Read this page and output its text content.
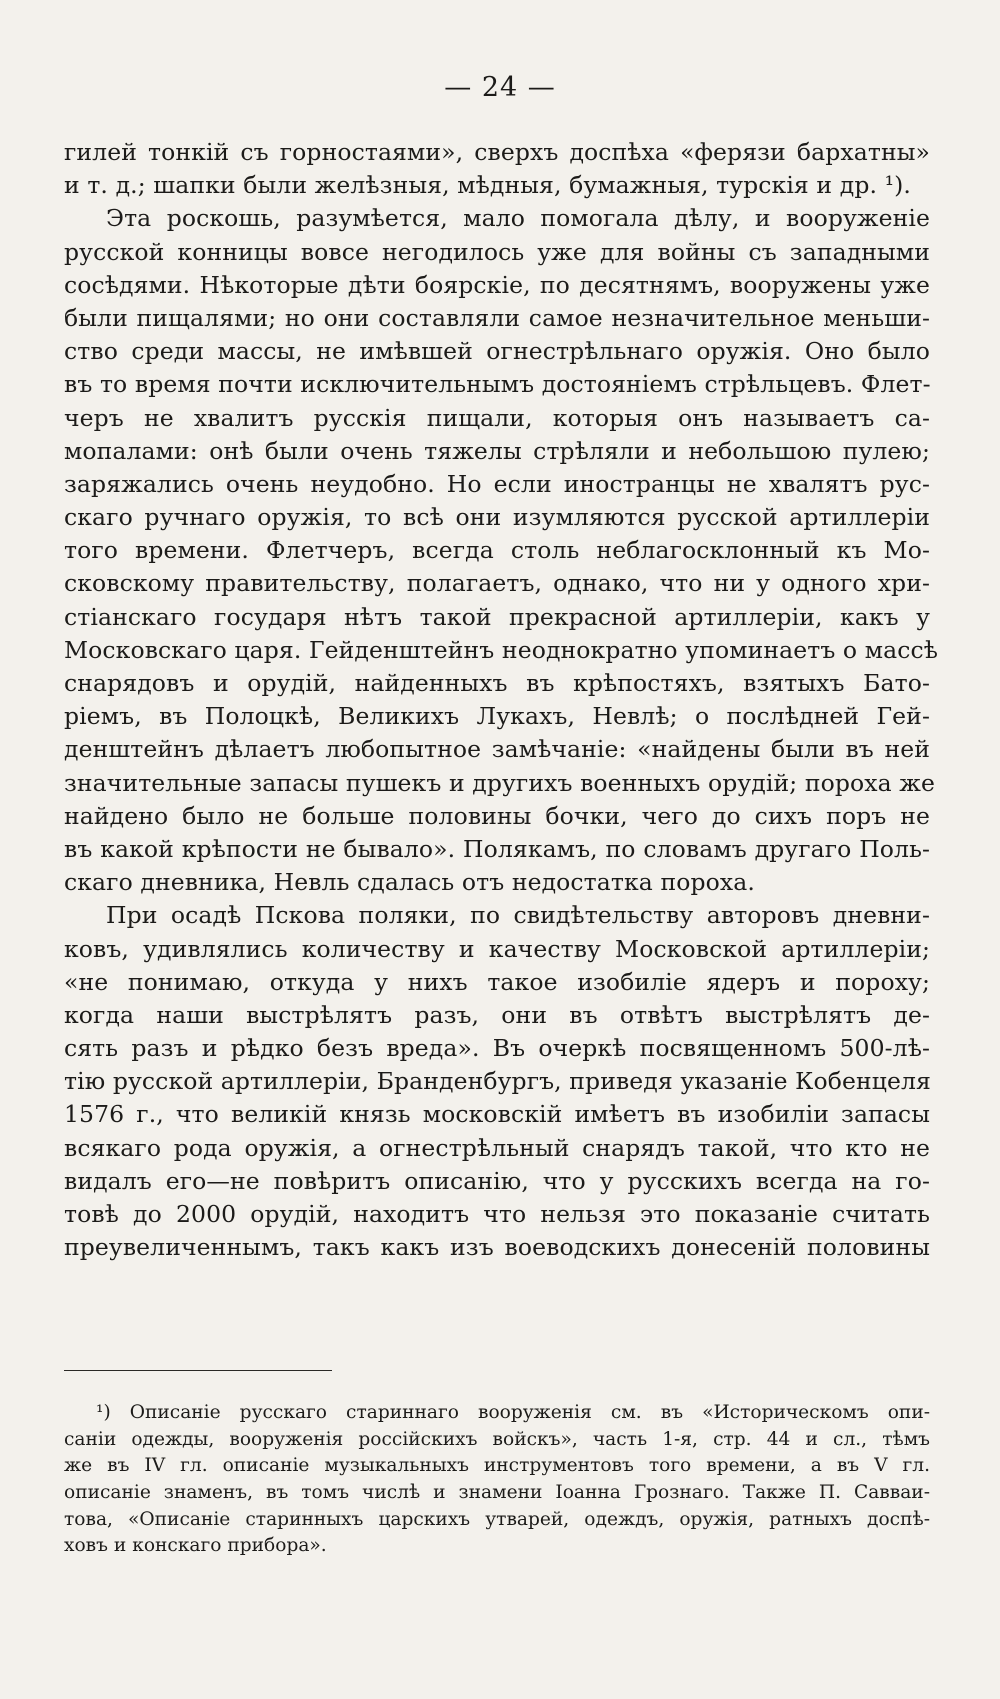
— 24 —
гилей тонкій съ горностаями», сверхъ доспѣха «ферязи бархатны»
и т. д.; шапки были желѣзныя, мѣдныя, бумажныя, турскія и др. ¹).
Эта роскошь, разумѣется, мало помогала дѣлу, и вооруженіе
русской конницы вовсе негодилось уже для войны съ западными
сосѣдями. Нѣкоторые дѣти боярскіе, по десятнямъ, вооружены уже
были пищалями; но они составляли самое незначительное меньши-
ство среди массы, не имѣвшей огнестрѣльнаго оружія. Оно было
въ то время почти исключительнымъ достояніемъ стрѣльцевъ. Флет-
черъ не хвалитъ русскія пищали, которыя онъ называетъ са-
мопалами: онѣ были очень тяжелы стрѣляли и небольшою пулею;
заряжались очень неудобно. Но если иностранцы не хвалятъ рус-
скаго ручнаго оружія, то всѣ они изумляются русской артиллеріи
того времени. Флетчеръ, всегда столь неблагосклонный къ Мо-
сковскому правительству, полагаетъ, однако, что ни у одного хри-
стіанскаго государя нѣтъ такой прекрасной артиллеріи, какъ у
Московскаго царя. Гейденштейнъ неоднократно упоминаетъ о массѣ
снарядовъ и орудій, найденныхъ въ крѣпостяхъ, взятыхъ Бато-
ріемъ, въ Полоцкѣ, Великихъ Лукахъ, Невлѣ; о послѣдней Гей-
денштейнъ дѣлаетъ любопытное замѣчаніе: «найдены были въ ней
значительные запасы пушекъ и другихъ военныхъ орудій; пороха же
найдено было не больше половины бочки, чего до сихъ поръ не
въ какой крѣпости не бывало». Полякамъ, по словамъ другаго Поль-
скаго дневника, Невль сдалась отъ недостатка пороха.
При осадѣ Пскова поляки, по свидѣтельству авторовъ дневни-
ковъ, удивлялись количеству и качеству Московской артиллеріи;
«не понимаю, откуда у нихъ такое изобиліе ядеръ и пороху;
когда наши выстрѣлятъ разъ, они въ отвѣтъ выстрѣлятъ де-
сять разъ и рѣдко безъ вреда». Въ очеркѣ посвященномъ 500-лѣ-
тію русской артиллеріи, Бранденбургъ, приведя указаніе Кобенцеля
1576 г., что великій князь московскій имѣетъ въ изобиліи запасы
всякаго рода оружія, а огнестрѣльный снарядъ такой, что кто не
видалъ его—не повѣритъ описанію, что у русскихъ всегда на го-
товѣ до 2000 орудій, находитъ что нельзя это показаніе считать
преувеличеннымъ, такъ какъ изъ воеводскихъ донесеній половины
¹) Описаніе русскаго стариннаго вооруженія см. въ «Историческомъ опи-
саніи одежды, вооруженія россійскихъ войскъ», часть 1-я, стр. 44 и сл., тѣмъ
же въ IV гл. описаніе музыкальныхъ инструментовъ того времени, а въ V гл.
описаніе знаменъ, въ томъ числѣ и знамени Іоанна Грознаго. Также П. Савваи-
това, «Описаніе старинныхъ царскихъ утварей, одеждъ, оружія, ратныхъ доспѣ-
ховъ и конскаго прибора».
